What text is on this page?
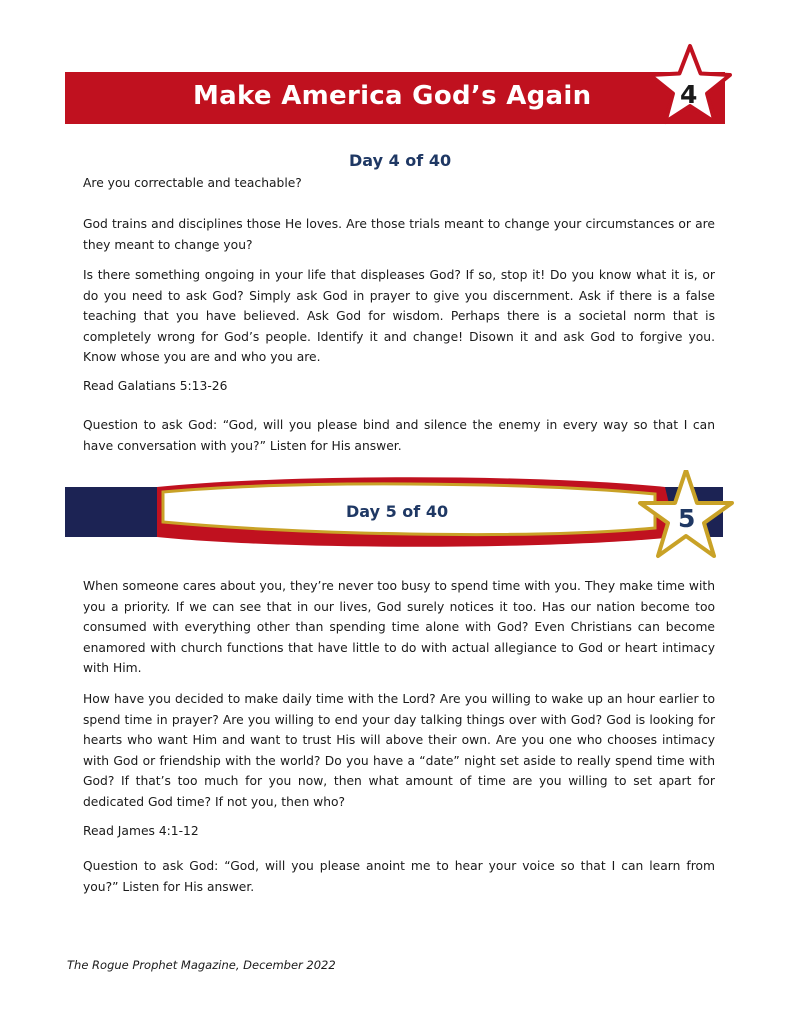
Make America God’s Again	4
Day 4 of 40

Are you correctable and teachable?

God trains and disciplines those He loves. Are those trials meant to change your circumstances or are they meant to change you?

Is there something ongoing in your life that displeases God? If so, stop it! Do you know what it is, or do you need to ask God? Simply ask God in prayer to give you discernment. Ask if there is a false teaching that you have believed. Ask God for wisdom. Perhaps there is a societal norm that is completely wrong for God’s people. Identify it and change! Disown it and ask God to forgive you. Know whose you are and who you are.

Read Galatians 5:13-26

Question to ask God: “God, will you please bind and silence the enemy in every way so that I can have conversation with you?” Listen for His answer.

Day 5 of 40	5

When someone cares about you, they’re never too busy to spend time with you. They make time with you a priority. If we can see that in our lives, God surely notices it too. Has our nation become too consumed with everything other than spending time alone with God? Even Christians can become enamored with church functions that have little to do with actual allegiance to God or heart intimacy with Him.

How have you decided to make daily time with the Lord? Are you willing to wake up an hour earlier to spend time in prayer? Are you willing to end your day talking things over with God? God is looking for hearts who want Him and want to trust His will above their own. Are you one who chooses intimacy with God or friendship with the world? Do you have a “date” night set aside to really spend time with God? If that’s too much for you now, then what amount of time are you willing to set apart for dedicated God time? If not you, then who?

Read James 4:1-12

Question to ask God: “God, will you please anoint me to hear your voice so that I can learn from you?” Listen for His answer.

The Rogue Prophet Magazine, December 2022
